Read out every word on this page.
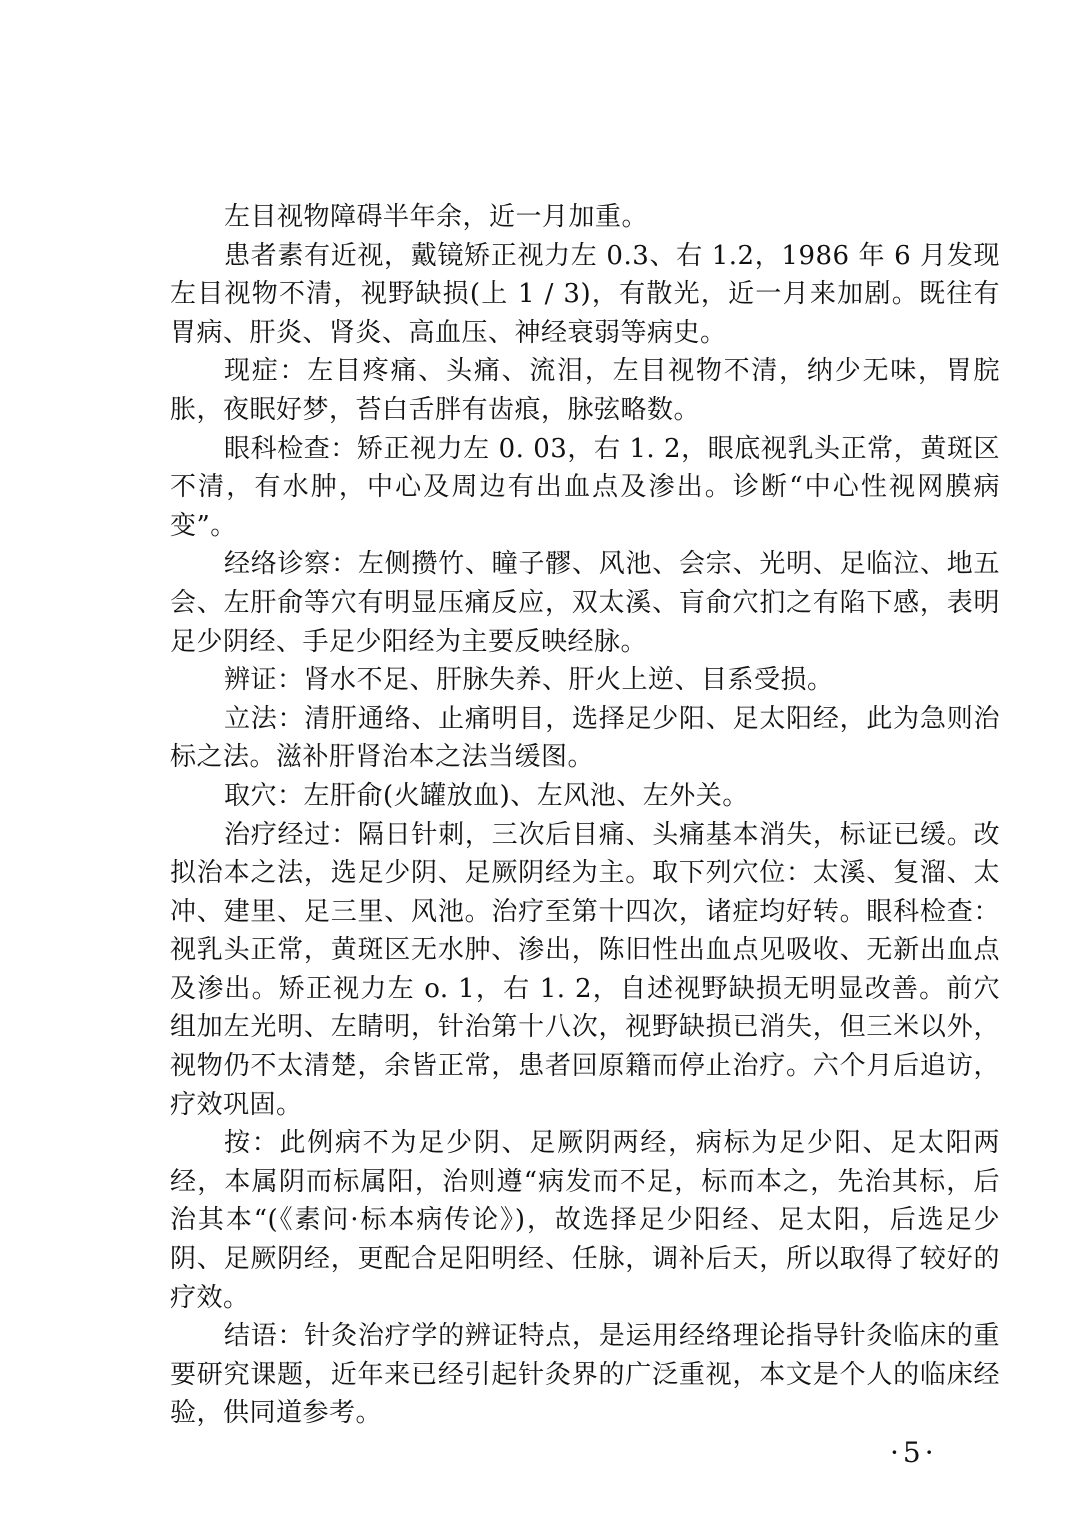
左目视物障碍半年余，近一月加重。

患者素有近视，戴镜矫正视力左 0.3、右 1.2，1986 年 6 月发现左目视物不清，视野缺损(上 1 / 3)，有散光，近一月来加剧。既往有胃病、肝炎、肾炎、高血压、神经衰弱等病史。

现症：左目疼痛、头痛、流泪，左目视物不清，纳少无味，胃脘胀，夜眠好梦，苔白舌胖有齿痕，脉弦略数。

眼科检查：矫正视力左 0. 03，右 1. 2，眼底视乳头正常，黄斑区不清，有水肿，中心及周边有出血点及渗出。诊断“中心性视网膜病变”。

经络诊察：左侧攒竹、瞳子髎、风池、会宗、光明、足临泣、地五会、左肝俞等穴有明显压痛反应，双太溪、肓俞穴扪之有陷下感，表明足少阴经、手足少阳经为主要反映经脉。

辨证：肾水不足、肝脉失养、肝火上逆、目系受损。

立法：清肝通络、止痛明目，选择足少阳、足太阳经，此为急则治标之法。滋补肝肾治本之法当缓图。

取穴：左肝俞(火罐放血)、左风池、左外关。

治疗经过：隔日针刺，三次后目痛、头痛基本消失，标证已缓。改拟治本之法，选足少阴、足厥阴经为主。取下列穴位：太溪、复溜、太冲、建里、足三里、风池。治疗至第十四次，诸症均好转。眼科检查：视乳头正常，黄斑区无水肿、渗出，陈旧性出血点见吸收、无新出血点及渗出。矫正视力左 o. 1，右 1. 2，自述视野缺损无明显改善。前穴组加左光明、左睛明，针治第十八次，视野缺损已消失，但三米以外，视物仍不太清楚，余皆正常，患者回原籍而停止治疗。六个月后追访，疗效巩固。

按：此例病不为足少阴、足厥阴两经，病标为足少阳、足太阳两经，本属阴而标属阳，治则遵“病发而不足，标而本之，先治其标，后治其本“(《素问·标本病传论》)，故选择足少阳经、足太阳，后选足少阴、足厥阴经，更配合足阳明经、任脉，调补后天，所以取得了较好的疗效。

结语：针灸治疗学的辨证特点，是运用经络理论指导针灸临床的重要研究课题，近年来已经引起针灸界的广泛重视，本文是个人的临床经验，供同道参考。

·5·
